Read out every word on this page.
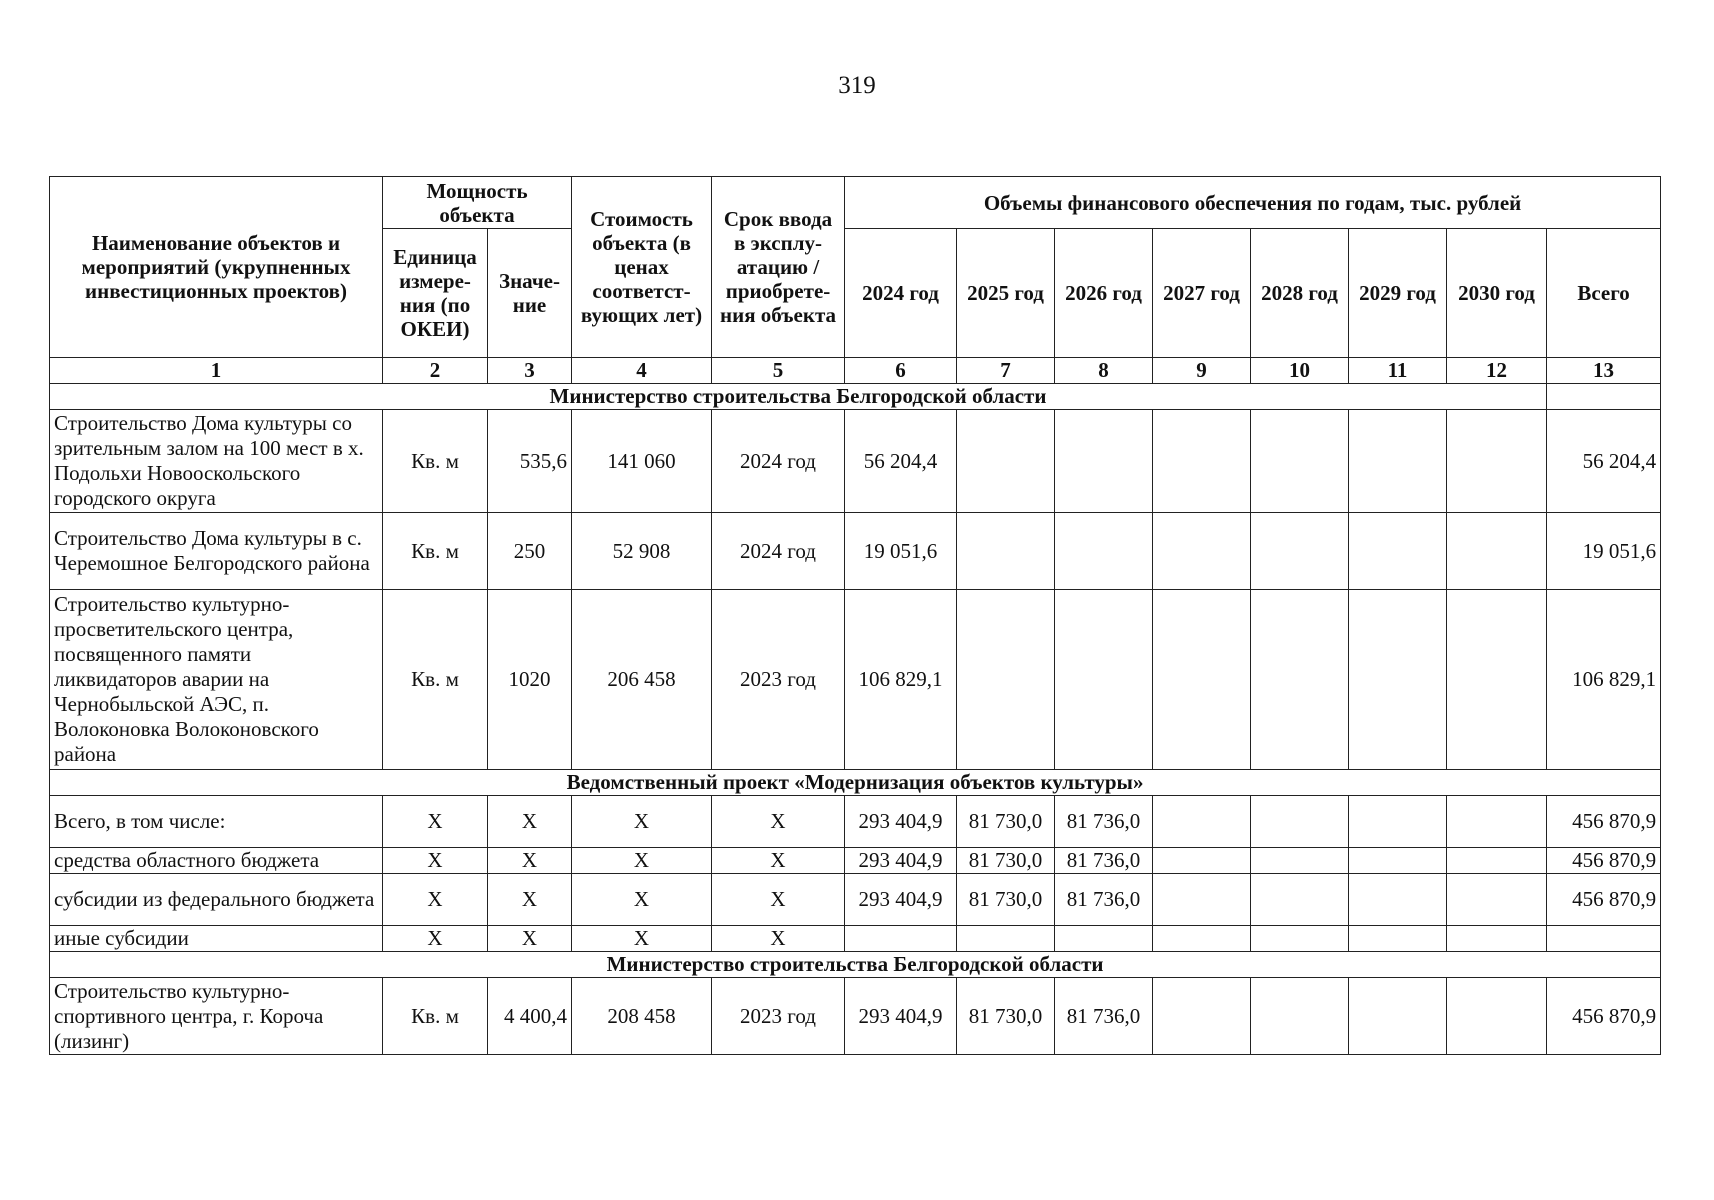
319
Наименование объектов и мероприятий (укрупненных инвестиционных проектов)	Мощность объекта		Стоимость объекта (в ценах соответст-вующих лет)	Срок ввода в эксплу-атацию / приобрете-ния объекта	Объемы финансового обеспечения по годам, тыс. рублей							
	Единица измере-ния (по ОКЕИ)	Значе-ние			2024 год	2025 год	2026 год	2027 год	2028 год	2029 год	2030 год	Всего
1	2	3	4	5	6	7	8	9	10	11	12	13
Министерство строительства Белгородской области												
Строительство Дома культуры со зрительным залом на 100 мест в х. Подольхи Новооскольского городского округа	Кв. м	535,6	141 060	2024 год	56 204,4							56 204,4
Строительство Дома культуры в с. Черемошное Белгородского района	Кв. м	250	52 908	2024 год	19 051,6							19 051,6
Строительство культурно-просветительского центра, посвященного памяти ликвидаторов аварии на Чернобыльской АЭС, п. Волоконовка Волоконовского района	Кв. м	1020	206 458	2023 год	106 829,1							106 829,1
Ведомственный проект «Модернизация объектов культуры»												
Всего, в том числе:	Х	Х	Х	Х	293 404,9	81 730,0	81 736,0					456 870,9
средства областного бюджета	Х	Х	Х	Х	293 404,9	81 730,0	81 736,0					456 870,9
субсидии из федерального бюджета	Х	Х	Х	Х	293 404,9	81 730,0	81 736,0					456 870,9
иные субсидии	Х	Х	Х	Х								
Министерство строительства Белгородской области												
Строительство культурно-спортивного центра, г. Короча (лизинг)	Кв. м	4 400,4	208 458	2023 год	293 404,9	81 730,0	81 736,0					456 870,9
